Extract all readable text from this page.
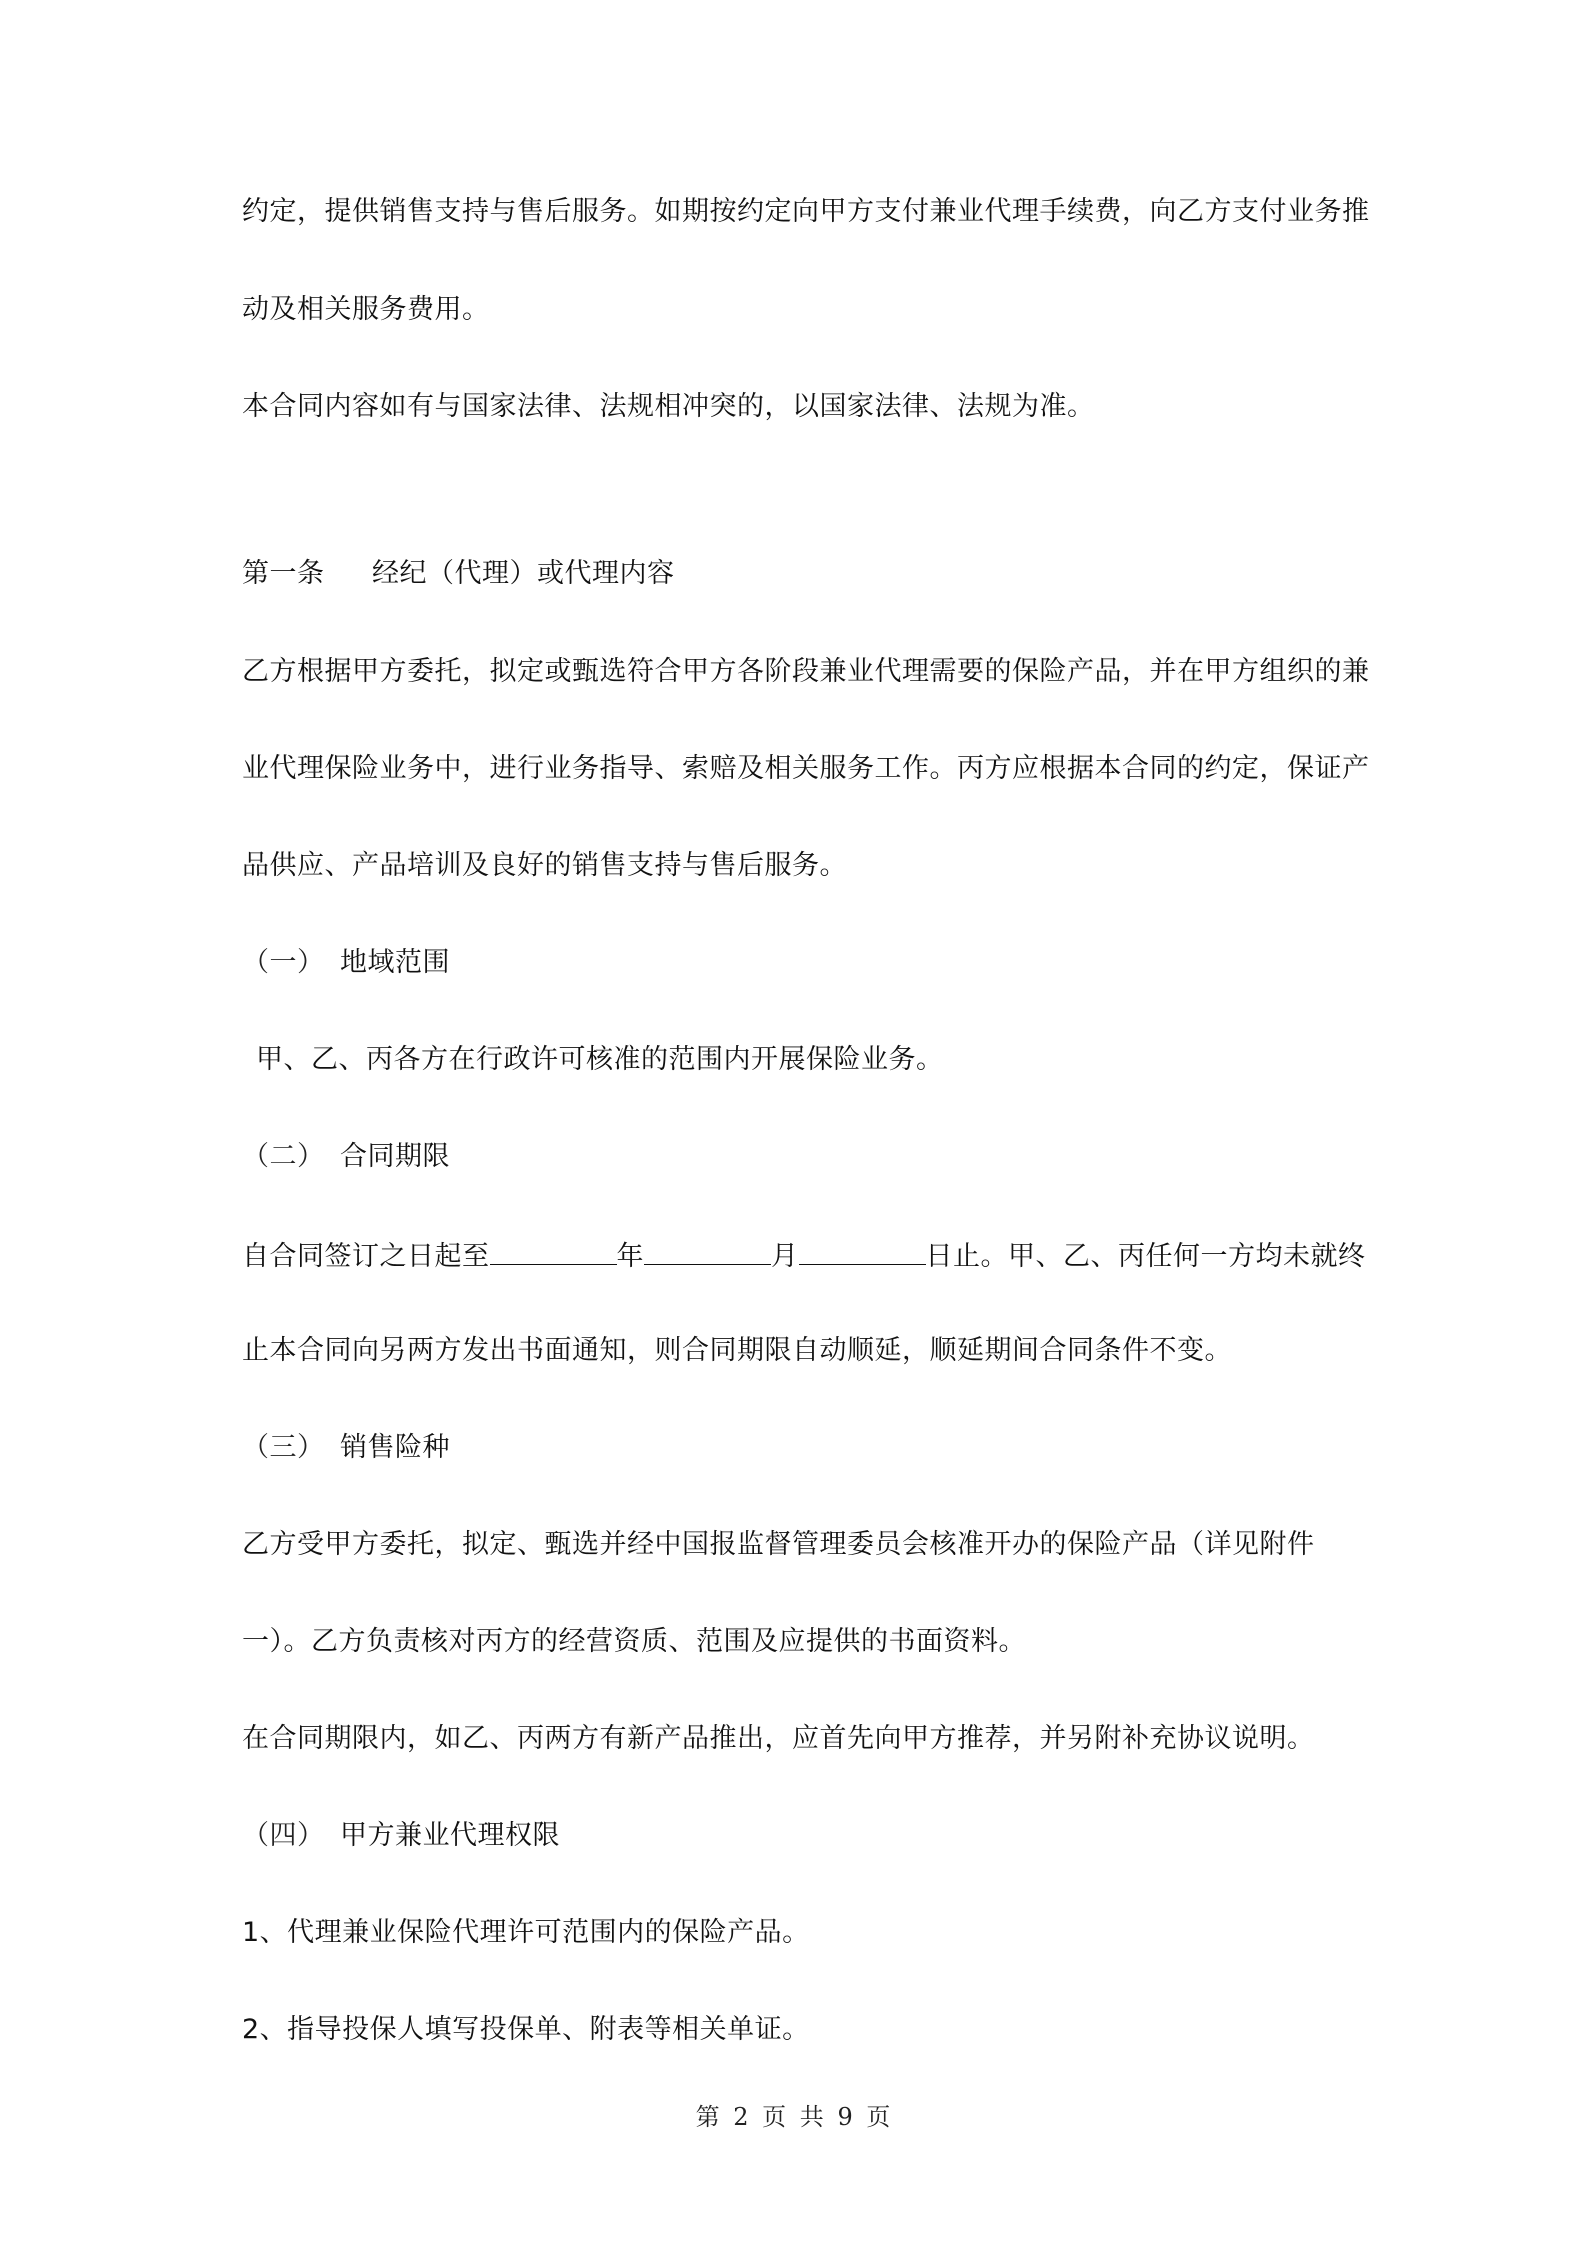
约定，提供销售支持与售后服务。如期按约定向甲方支付兼业代理手续费，向乙方支付业务推
动及相关服务费用。
本合同内容如有与国家法律、法规相冲突的，以国家法律、法规为准。
第一条 经纪（代理）或代理内容
乙方根据甲方委托，拟定或甄选符合甲方各阶段兼业代理需要的保险产品，并在甲方组织的兼
业代理保险业务中，进行业务指导、索赔及相关服务工作。丙方应根据本合同的约定，保证产
品供应、产品培训及良好的销售支持与售后服务。
（一） 地域范围
甲、乙、丙各方在行政许可核准的范围内开展保险业务。
（二） 合同期限
自合同签订之日起至	年	月	日止。甲、乙、丙任何一方均未就终
止本合同向另两方发出书面通知，则合同期限自动顺延，顺延期间合同条件不变。
（三） 销售险种
乙方受甲方委托，拟定、甄选并经中国报监督管理委员会核准开办的保险产品（详见附件
一）。乙方负责核对丙方的经营资质、范围及应提供的书面资料。
在合同期限内，如乙、丙两方有新产品推出，应首先向甲方推荐，并另附补充协议说明。
（四） 甲方兼业代理权限
1、代理兼业保险代理许可范围内的保险产品。
2、指导投保人填写投保单、附表等相关单证。
第 2 页 共 9 页
